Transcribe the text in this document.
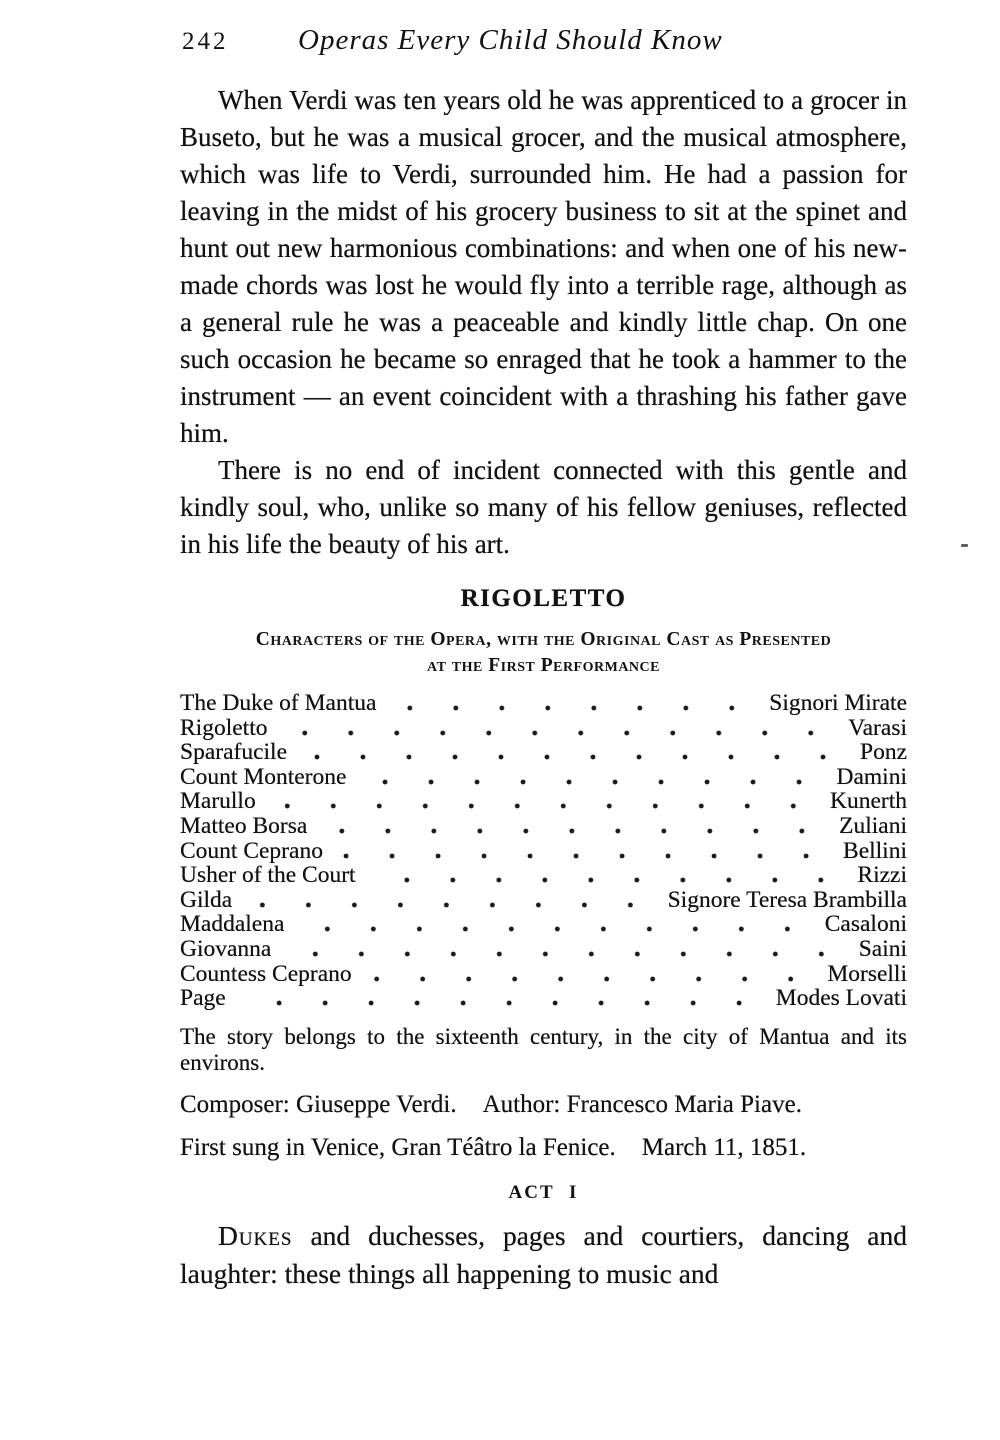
242 Operas Every Child Should Know

When Verdi was ten years old he was apprenticed to a grocer in Buseto, but he was a musical grocer, and the musical atmosphere, which was life to Verdi, surrounded him. He had a passion for leaving in the midst of his grocery business to sit at the spinet and hunt out new harmonious combinations: and when one of his new-made chords was lost he would fly into a terrible rage, although as a general rule he was a peaceable and kindly little chap. On one such occasion he became so enraged that he took a hammer to the instrument — an event coincident with a thrashing his father gave him.

There is no end of incident connected with this gentle and kindly soul, who, unlike so many of his fellow geniuses, reflected in his life the beauty of his art.

RIGOLETTO
Characters of the Opera, with the Original Cast as Presented
at the First Performance
The Duke of Mantua	Signori Mirate
Rigoletto	Varasi
Sparafucile	Ponz
Count Monterone	Damini
Marullo	Kunerth
Matteo Borsa	Zuliani
Count Ceprano	Bellini
Usher of the Court	Rizzi
Gilda	Signore Teresa Brambilla
Maddalena	Casaloni
Giovanna	Saini
Countess Ceprano	Morselli
Page	Modes Lovati

The story belongs to the sixteenth century, in the city of Mantua and its environs.

Composer: Giuseppe Verdi. Author: Francesco Maria Piave.

First sung in Venice, Gran Téâtro la Fenice. March 11, 1851.

ACT I

Dukes and duchesses, pages and courtiers, dancing and laughter: these things all happening to music and
